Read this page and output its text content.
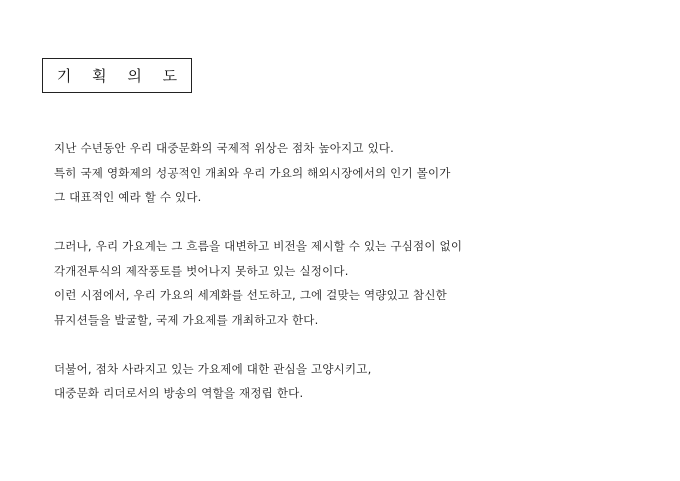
기 획 의 도
지난 수년동안 우리 대중문화의 국제적 위상은 점차 높아지고 있다.
특히 국제 영화제의 성공적인 개최와 우리 가요의 해외시장에서의 인기 몰이가
그 대표적인 예라 할 수 있다.
그러나, 우리 가요계는 그 흐름을 대변하고 비전을 제시할 수 있는 구심점이 없이
각개전투식의 제작풍토를 벗어나지 못하고 있는 실정이다.
이런 시점에서, 우리 가요의 세계화를 선도하고, 그에 걸맞는 역량있고 참신한
뮤지션들을 발굴할, 국제 가요제를 개최하고자 한다.
더불어, 점차 사라지고 있는 가요제에 대한 관심을 고양시키고,
대중문화 리더로서의 방송의 역할을 재정립 한다.
